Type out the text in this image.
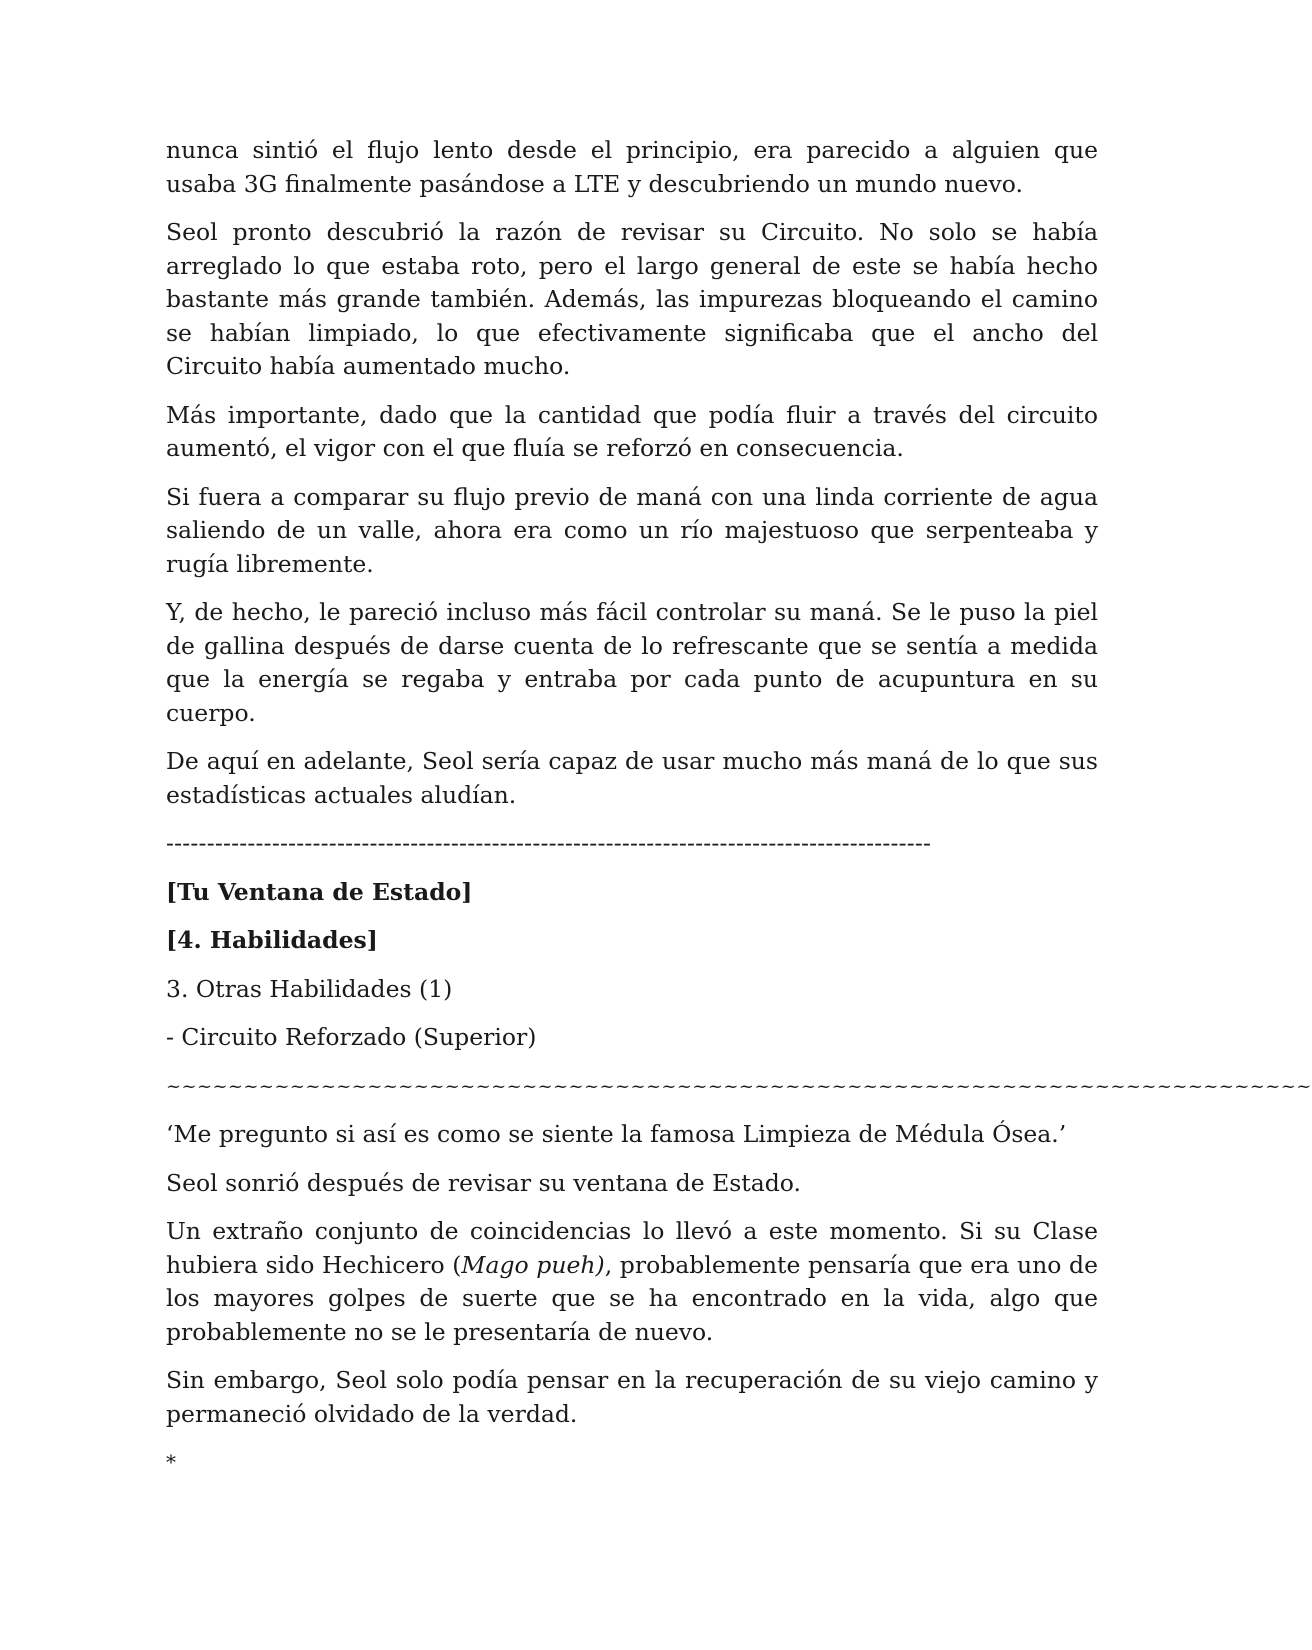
nunca sintió el flujo lento desde el principio, era parecido a alguien que usaba 3G finalmente pasándose a LTE y descubriendo un mundo nuevo.

Seol pronto descubrió la razón de revisar su Circuito. No solo se había arreglado lo que estaba roto, pero el largo general de este se había hecho bastante más grande también. Además, las impurezas bloqueando el camino se habían limpiado, lo que efectivamente significaba que el ancho del Circuito había aumentado mucho.

Más importante, dado que la cantidad que podía fluir a través del circuito aumentó, el vigor con el que fluía se reforzó en consecuencia.

Si fuera a comparar su flujo previo de maná con una linda corriente de agua saliendo de un valle, ahora era como un río majestuoso que serpenteaba y rugía libremente.

Y, de hecho, le pareció incluso más fácil controlar su maná. Se le puso la piel de gallina después de darse cuenta de lo refrescante que se sentía a medida que la energía se regaba y entraba por cada punto de acupuntura en su cuerpo.

De aquí en adelante, Seol sería capaz de usar mucho más maná de lo que sus estadísticas actuales aludían.

----------------------------------------------------------------------------------------------
[Tu Ventana de Estado]
[4. Habilidades]

3. Otras Habilidades (1)

- Circuito Reforzado (Superior)

~~~~~~~~~~~~~~~~~~~~~~~~~~~~~~~~~~~~~~~~~~~~~~~~~~~~~~~~~~~~~~~~~~~~~~~~~~

‘Me pregunto si así es como se siente la famosa Limpieza de Médula Ósea.’

Seol sonrió después de revisar su ventana de Estado.

Un extraño conjunto de coincidencias lo llevó a este momento. Si su Clase hubiera sido Hechicero (Mago pueh), probablemente pensaría que era uno de los mayores golpes de suerte que se ha encontrado en la vida, algo que probablemente no se le presentaría de nuevo.

Sin embargo, Seol solo podía pensar en la recuperación de su viejo camino y permaneció olvidado de la verdad.

*
